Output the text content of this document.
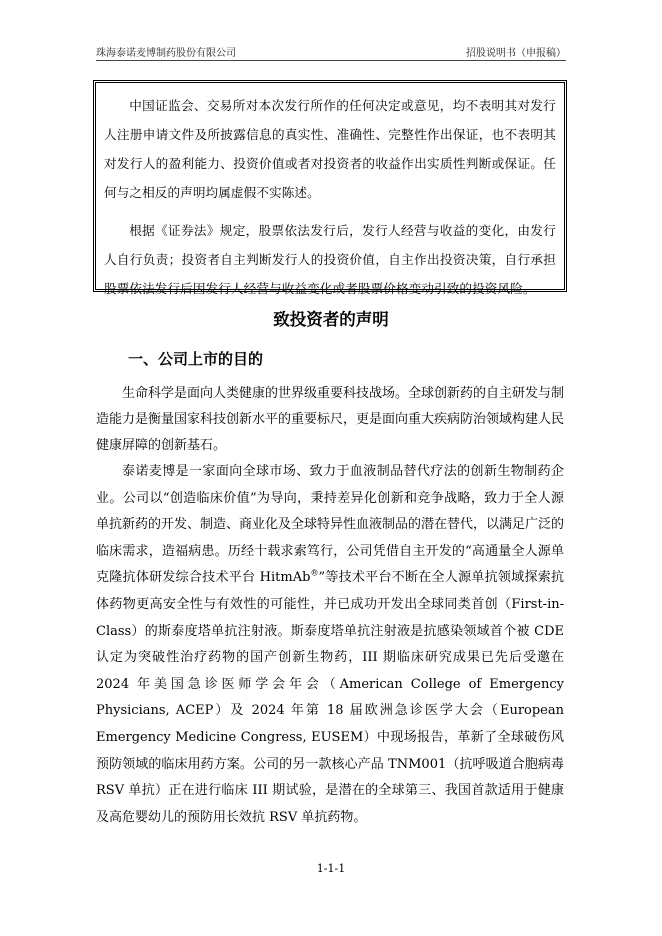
珠海泰诺麦博制药股份有限公司	招股说明书（申报稿）

中国证监会、交易所对本次发行所作的任何决定或意见，均不表明其对发行人注册申请文件及所披露信息的真实性、准确性、完整性作出保证，也不表明其对发行人的盈利能力、投资价值或者对投资者的收益作出实质性判断或保证。任何与之相反的声明均属虚假不实陈述。

根据《证券法》规定，股票依法发行后，发行人经营与收益的变化，由发行人自行负责；投资者自主判断发行人的投资价值，自主作出投资决策，自行承担股票依法发行后因发行人经营与收益变化或者股票价格变动引致的投资风险。

致投资者的声明
一、公司上市的目的

生命科学是面向人类健康的世界级重要科技战场。全球创新药的自主研发与制造能力是衡量国家科技创新水平的重要标尺，更是面向重大疾病防治领域构建人民健康屏障的创新基石。

泰诺麦博是一家面向全球市场、致力于血液制品替代疗法的创新生物制药企业。公司以“创造临床价值”为导向，秉持差异化创新和竞争战略，致力于全人源单抗新药的开发、制造、商业化及全球特异性血液制品的潜在替代，以满足广泛的临床需求，造福病患。历经十载求索笃行，公司凭借自主开发的“高通量全人源单克隆抗体研发综合技术平台 HitmAb®”等技术平台不断在全人源单抗领域探索抗体药物更高安全性与有效性的可能性，并已成功开发出全球同类首创（First-in-Class）的斯泰度塔单抗注射液。斯泰度塔单抗注射液是抗感染领域首个被 CDE 认定为突破性治疗药物的国产创新生物药，III 期临床研究成果已先后受邀在 2024 年美国急诊医师学会年会（American College of Emergency Physicians, ACEP）及 2024 年第 18 届欧洲急诊医学大会（European Emergency Medicine Congress, EUSEM）中现场报告，革新了全球破伤风预防领域的临床用药方案。公司的另一款核心产品 TNM001（抗呼吸道合胞病毒 RSV 单抗）正在进行临床 III 期试验，是潜在的全球第三、我国首款适用于健康及高危婴幼儿的预防用长效抗 RSV 单抗药物。

1-1-1
